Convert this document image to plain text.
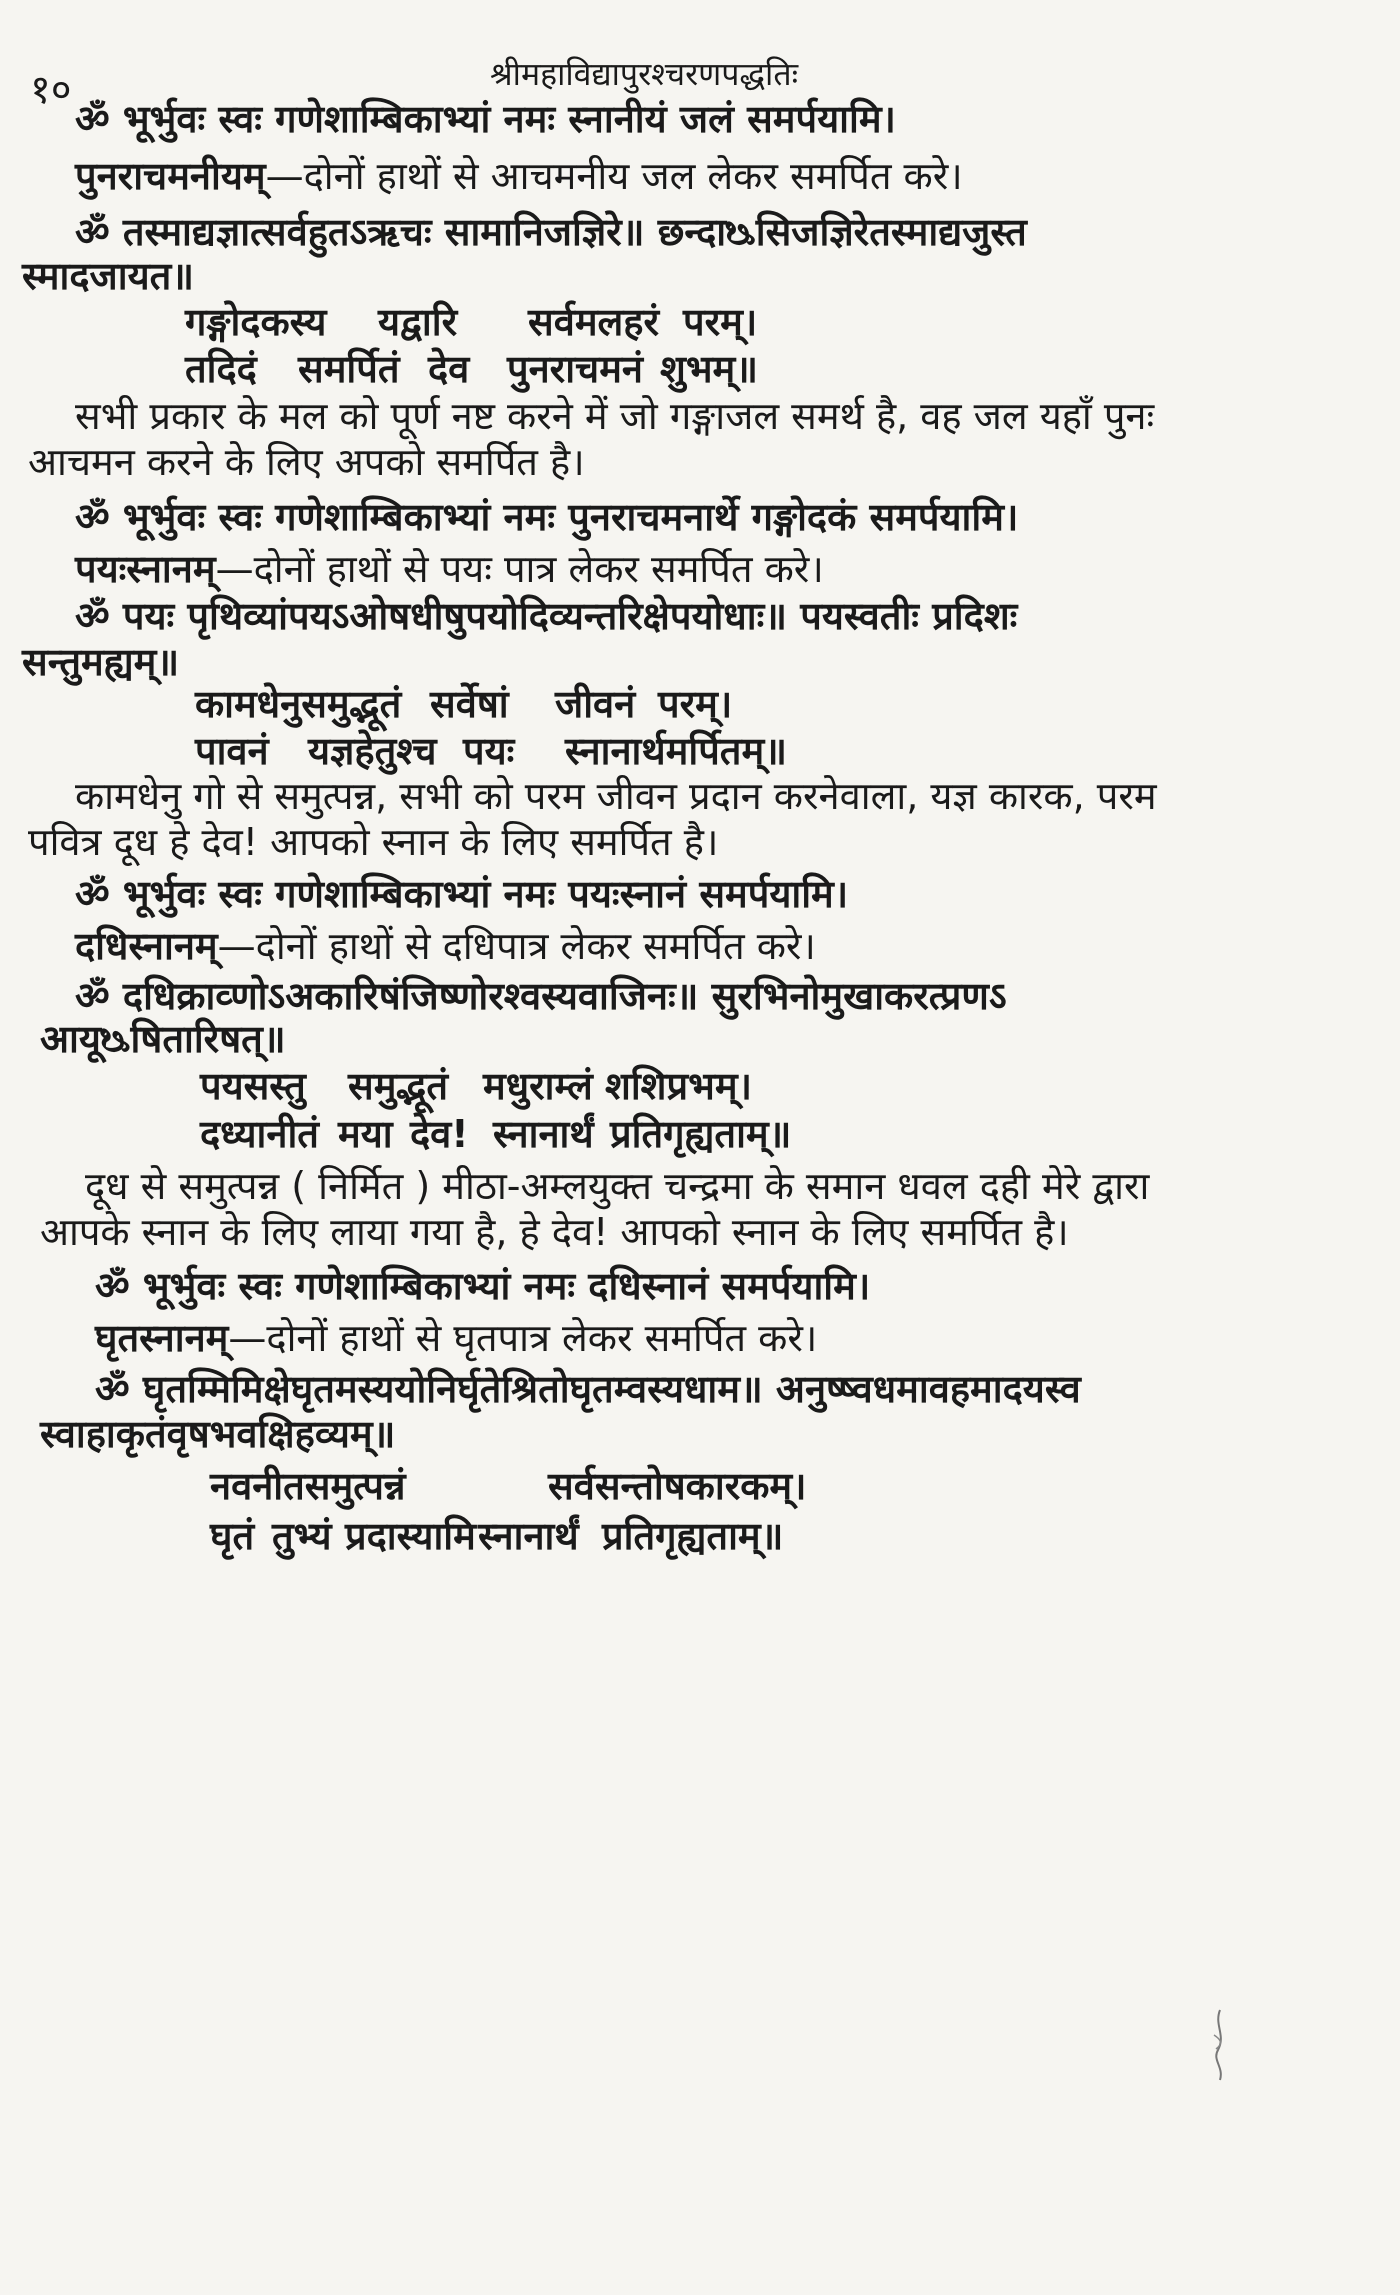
१०	श्रीमहाविद्यापुरश्चरणपद्धतिः
ॐ भूर्भुवः स्वः गणेशाम्बिकाभ्यां नमः स्नानीयं जलं समर्पयामि।
पुनराचमनीयम्—दोनों हाथों से आचमनीय जल लेकर समर्पित करे।
ॐ तस्माद्यज्ञात्सर्वहुतऽऋचः सामानिजज्ञिरे॥ छन्दाᳬसिजज्ञिरेतस्माद्यजुस्त
स्मादजायत॥
गङ्गोदकस्य यद्वारि सर्वमलहरं परम्।
तदिदं समर्पितं देव पुनराचमनं शुभम्॥
सभी प्रकार के मल को पूर्ण नष्ट करने में जो गङ्गाजल समर्थ है, वह जल यहाँ पुनः
आचमन करने के लिए अपको समर्पित है।
ॐ भूर्भुवः स्वः गणेशाम्बिकाभ्यां नमः पुनराचमनार्थे गङ्गोदकं समर्पयामि।
पयःस्नानम्—दोनों हाथों से पयः पात्र लेकर समर्पित करे।
ॐ पयः पृथिव्यांपयऽओषधीषुपयोदिव्यन्तरिक्षेपयोधाः॥ पयस्वतीः प्रदिशः
सन्तुमह्यम्॥
कामधेनुसमुद्भूतं सर्वेषां जीवनं परम्।
पावनं यज्ञहेतुश्च पयः स्नानार्थमर्पितम्॥
कामधेनु गो से समुत्पन्न, सभी को परम जीवन प्रदान करनेवाला, यज्ञ कारक, परम
पवित्र दूध हे देव! आपको स्नान के लिए समर्पित है।
ॐ भूर्भुवः स्वः गणेशाम्बिकाभ्यां नमः पयःस्नानं समर्पयामि।
दधिस्नानम्—दोनों हाथों से दधिपात्र लेकर समर्पित करे।
ॐ दधिक्राव्णोऽअकारिषंजिष्णोरश्वस्यवाजिनः॥ सुरभिनोमुखाकरत्प्रणऽ
आयूᳬषितारिषत्॥
पयसस्तु समुद्भूतं मधुराम्लं शशिप्रभम्।
दध्यानीतं मया देव! स्नानार्थं प्रतिगृह्यताम्॥
दूध से समुत्पन्न ( निर्मित ) मीठा-अम्लयुक्त चन्द्रमा के समान धवल दही मेरे द्वारा
आपके स्नान के लिए लाया गया है, हे देव! आपको स्नान के लिए समर्पित है।
ॐ भूर्भुवः स्वः गणेशाम्बिकाभ्यां नमः दधिस्नानं समर्पयामि।
घृतस्नानम्—दोनों हाथों से घृतपात्र लेकर समर्पित करे।
ॐ घृतम्मिमिक्षेघृतमस्ययोनिर्घृतेश्रितोघृतम्वस्यधाम॥ अनुष्ष्वधमावहमादयस्व
स्वाहाकृतंवृषभवक्षिहव्यम्॥
नवनीतसमुत्पन्नं	सर्वसन्तोषकारकम्।
घृतं तुभ्यं प्रदास्यामि स्नानार्थं प्रतिगृह्यताम्॥
